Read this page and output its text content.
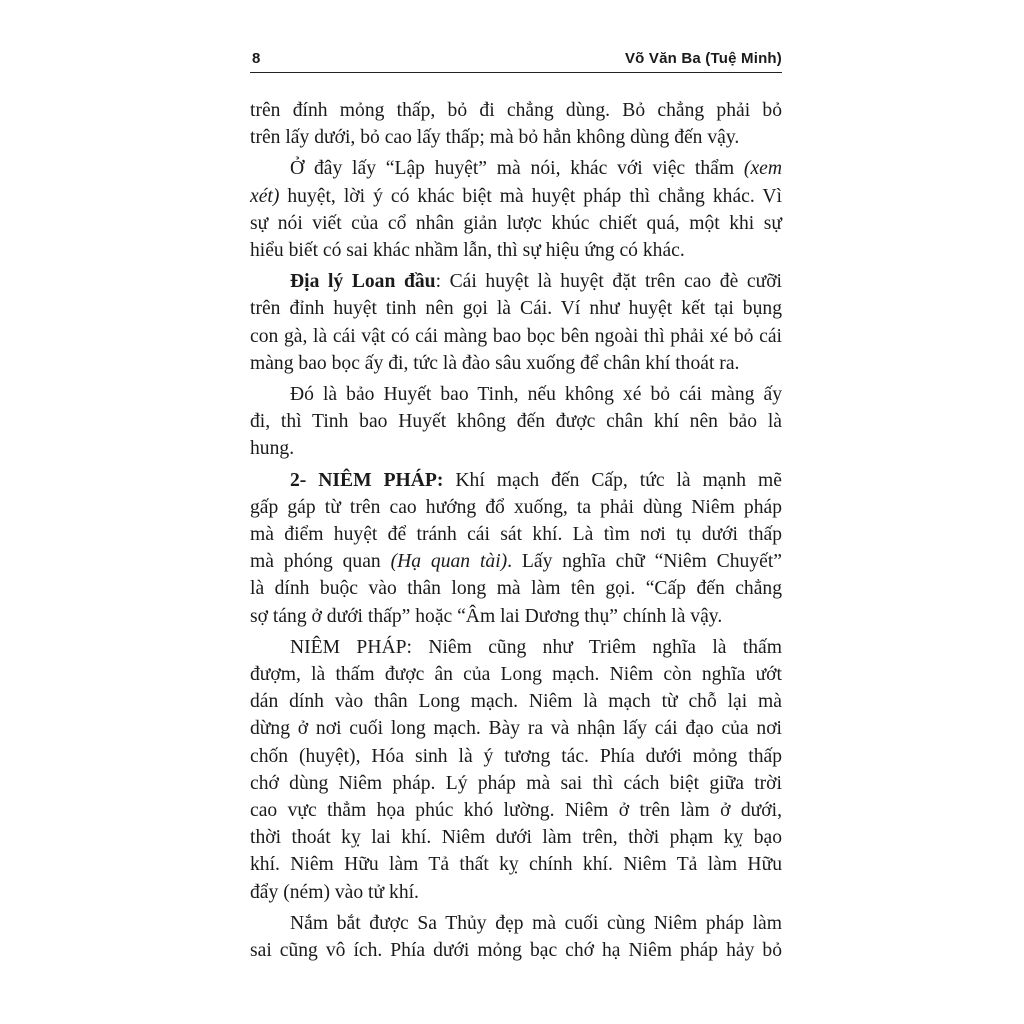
8	Võ Văn Ba (Tuệ Minh)

trên đính mỏng thấp, bỏ đi chẳng dùng. Bỏ chẳng phải bỏ
trên lấy dưới, bỏ cao lấy thấp; mà bỏ hẳn không dùng đến vậy.

Ở đây lấy “Lập huyệt” mà nói, khác với việc thẩm (xem
xét) huyệt, lời ý có khác biệt mà huyệt pháp thì chẳng khác. Vì
sự nói viết của cổ nhân giản lược khúc chiết quá, một khi sự
hiểu biết có sai khác nhầm lẫn, thì sự hiệu ứng có khác.

Địa lý Loan đầu: Cái huyệt là huyệt đặt trên cao đè cưỡi
trên đỉnh huyệt tinh nên gọi là Cái. Ví như huyệt kết tại bụng
con gà, là cái vật có cái màng bao bọc bên ngoài thì phải xé bỏ cái
màng bao bọc ấy đi, tức là đào sâu xuống để chân khí thoát ra.

Đó là bảo Huyết bao Tinh, nếu không xé bỏ cái màng ấy
đi, thì Tinh bao Huyết không đến được chân khí nên bảo là
hung.

2- NIÊM PHÁP: Khí mạch đến Cấp, tức là mạnh mẽ
gấp gáp từ trên cao hướng đổ xuống, ta phải dùng Niêm pháp
mà điểm huyệt để tránh cái sát khí. Là tìm nơi tụ dưới thấp
mà phóng quan (Hạ quan tài). Lấy nghĩa chữ “Niêm Chuyết”
là dính buộc vào thân long mà làm tên gọi. “Cấp đến chẳng
sợ táng ở dưới thấp” hoặc “Âm lai Dương thụ” chính là vậy.

NIÊM PHÁP: Niêm cũng như Triêm nghĩa là thấm
đượm, là thấm được ân của Long mạch. Niêm còn nghĩa ướt
dán dính vào thân Long mạch. Niêm là mạch từ chỗ lại mà
dừng ở nơi cuối long mạch. Bày ra và nhận lấy cái đạo của nơi
chốn (huyệt), Hóa sinh là ý tương tác. Phía dưới mỏng thấp
chớ dùng Niêm pháp. Lý pháp mà sai thì cách biệt giữa trời
cao vực thẳm họa phúc khó lường. Niêm ở trên làm ở dưới,
thời thoát kỵ lai khí. Niêm dưới làm trên, thời phạm kỵ bạo
khí. Niêm Hữu làm Tả thất kỵ chính khí. Niêm Tả làm Hữu
đẩy (ném) vào tử khí.

Nắm bắt được Sa Thủy đẹp mà cuối cùng Niêm pháp làm
sai cũng vô ích. Phía dưới mỏng bạc chớ hạ Niêm pháp hảy bỏ
